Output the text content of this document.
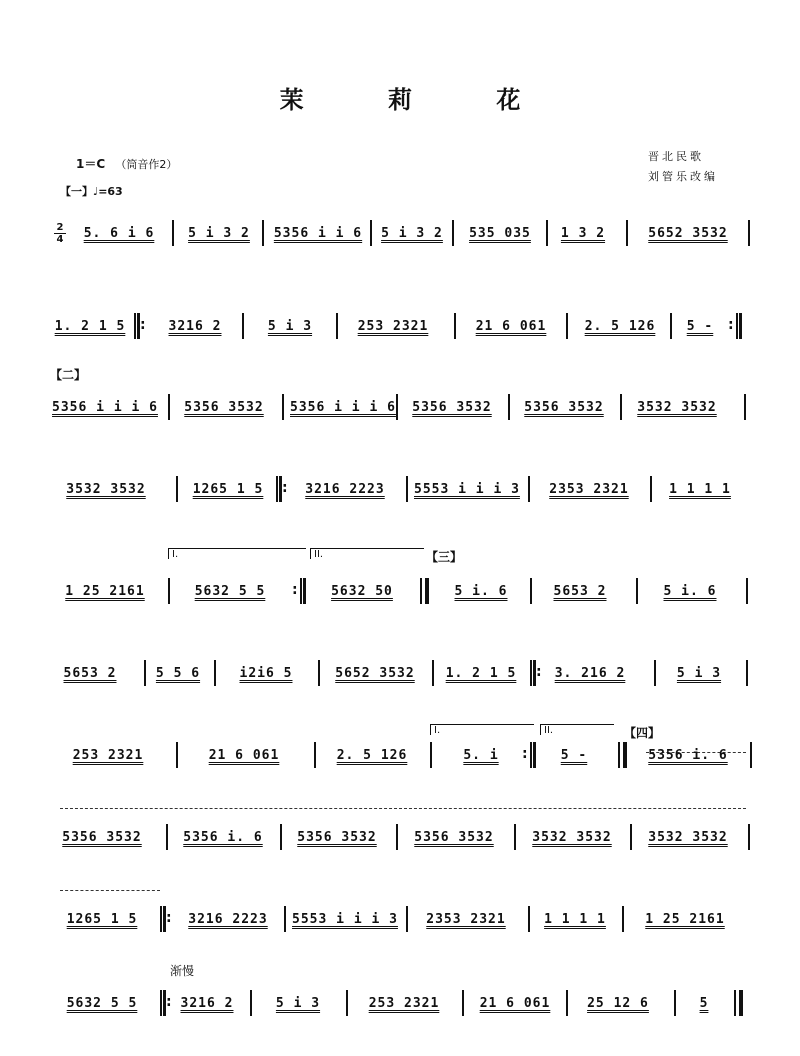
茉 莉 花
1＝C （筒音作2）
晋北民歌
刘管乐改编
【一】♩=63
2
4	5. 6 i 6	5 i 3 2	5356 i i 6	5 i 3 2	535 035	1 3 2	5652 3532
1. 2 1 5 :	3216 2	5 i 3	253 2321	21 6 061	2. 5 126	5 -
:
【二】
5356 i i i 6	5356 3532	5356 i i i 6	5356 3532	5356 3532	3532 3532
3532 3532	1265 1 5 :	3216 2223	5553 i i i 3	2353 2321	1 1 1 1
I.	II.	【三】
1 25 2161	5632 5 5 :	5632 50	5 i. 6	5653 2	5 i. 6
5653 2	5 5 6	i2i6 5	5652 3532	1. 2 1 5 :	3. 216 2	5 i 3
【四】
I.	II.
253 2321	21 6 061	2. 5 126	5. i :	5 -	5356 i. 6
5356 3532	5356 i. 6	5356 3532	5356 3532	3532 3532	3532 3532
1265 1 5 :	3216 2223	5553 i i i 3	2353 2321	1 1 1 1	1 25 2161
渐慢
5632 5 5 :	3216 2	5 i 3	253 2321	21 6 061	25 12 6	5
